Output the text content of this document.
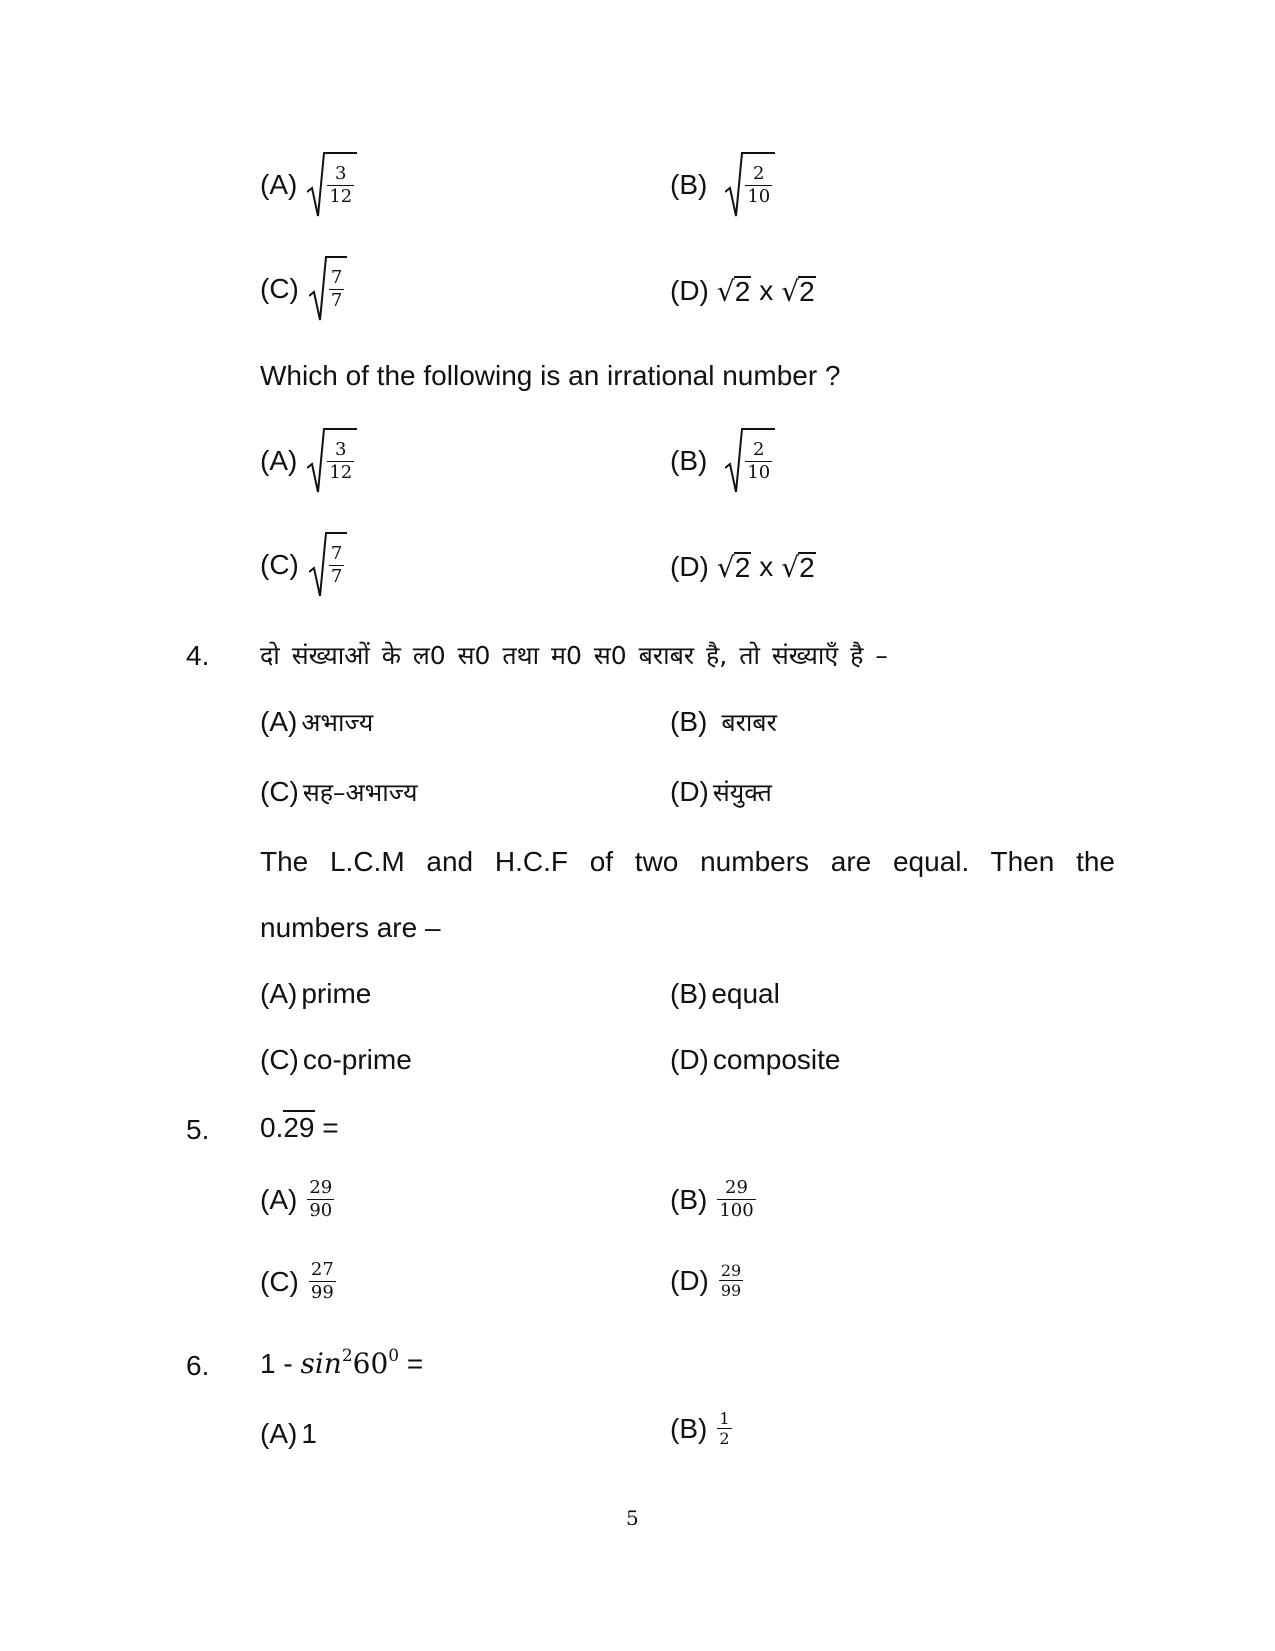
$(A) \frac{3}{12}$	$(B) \frac{2}{10}$
$(C) \frac{7}{7}$	(D) √ 2 x √ 2
Which of the following is an irrational number ?
$(A) \frac{3}{12}$	$(B) \frac{2}{10}$
$(C) \frac{7}{7}$	(D) √ 2 x √ 2
4. दो संख्याओं के ल0 स0 तथा म0 स0 बराबर है, तो संख्याएँ है –
(A) अभाज्य	(B) बराबर
(C) सह–अभाज्य	(D) संयुक्त
The L.C.M and H.C.F of two numbers are equal. Then the
numbers are –
(A) prime	(B) equal
(C) co-prime	(D) composite
5. 0.29 =
$(A) \frac{29}{90}$	$(B) \frac{29}{100}$
$(C) \frac{27}{99}$	$(D) \frac{29}{99}$
6. $1 - \sin^260^0$ =
(A) 1	$(B) \frac{1}{2}$
5
